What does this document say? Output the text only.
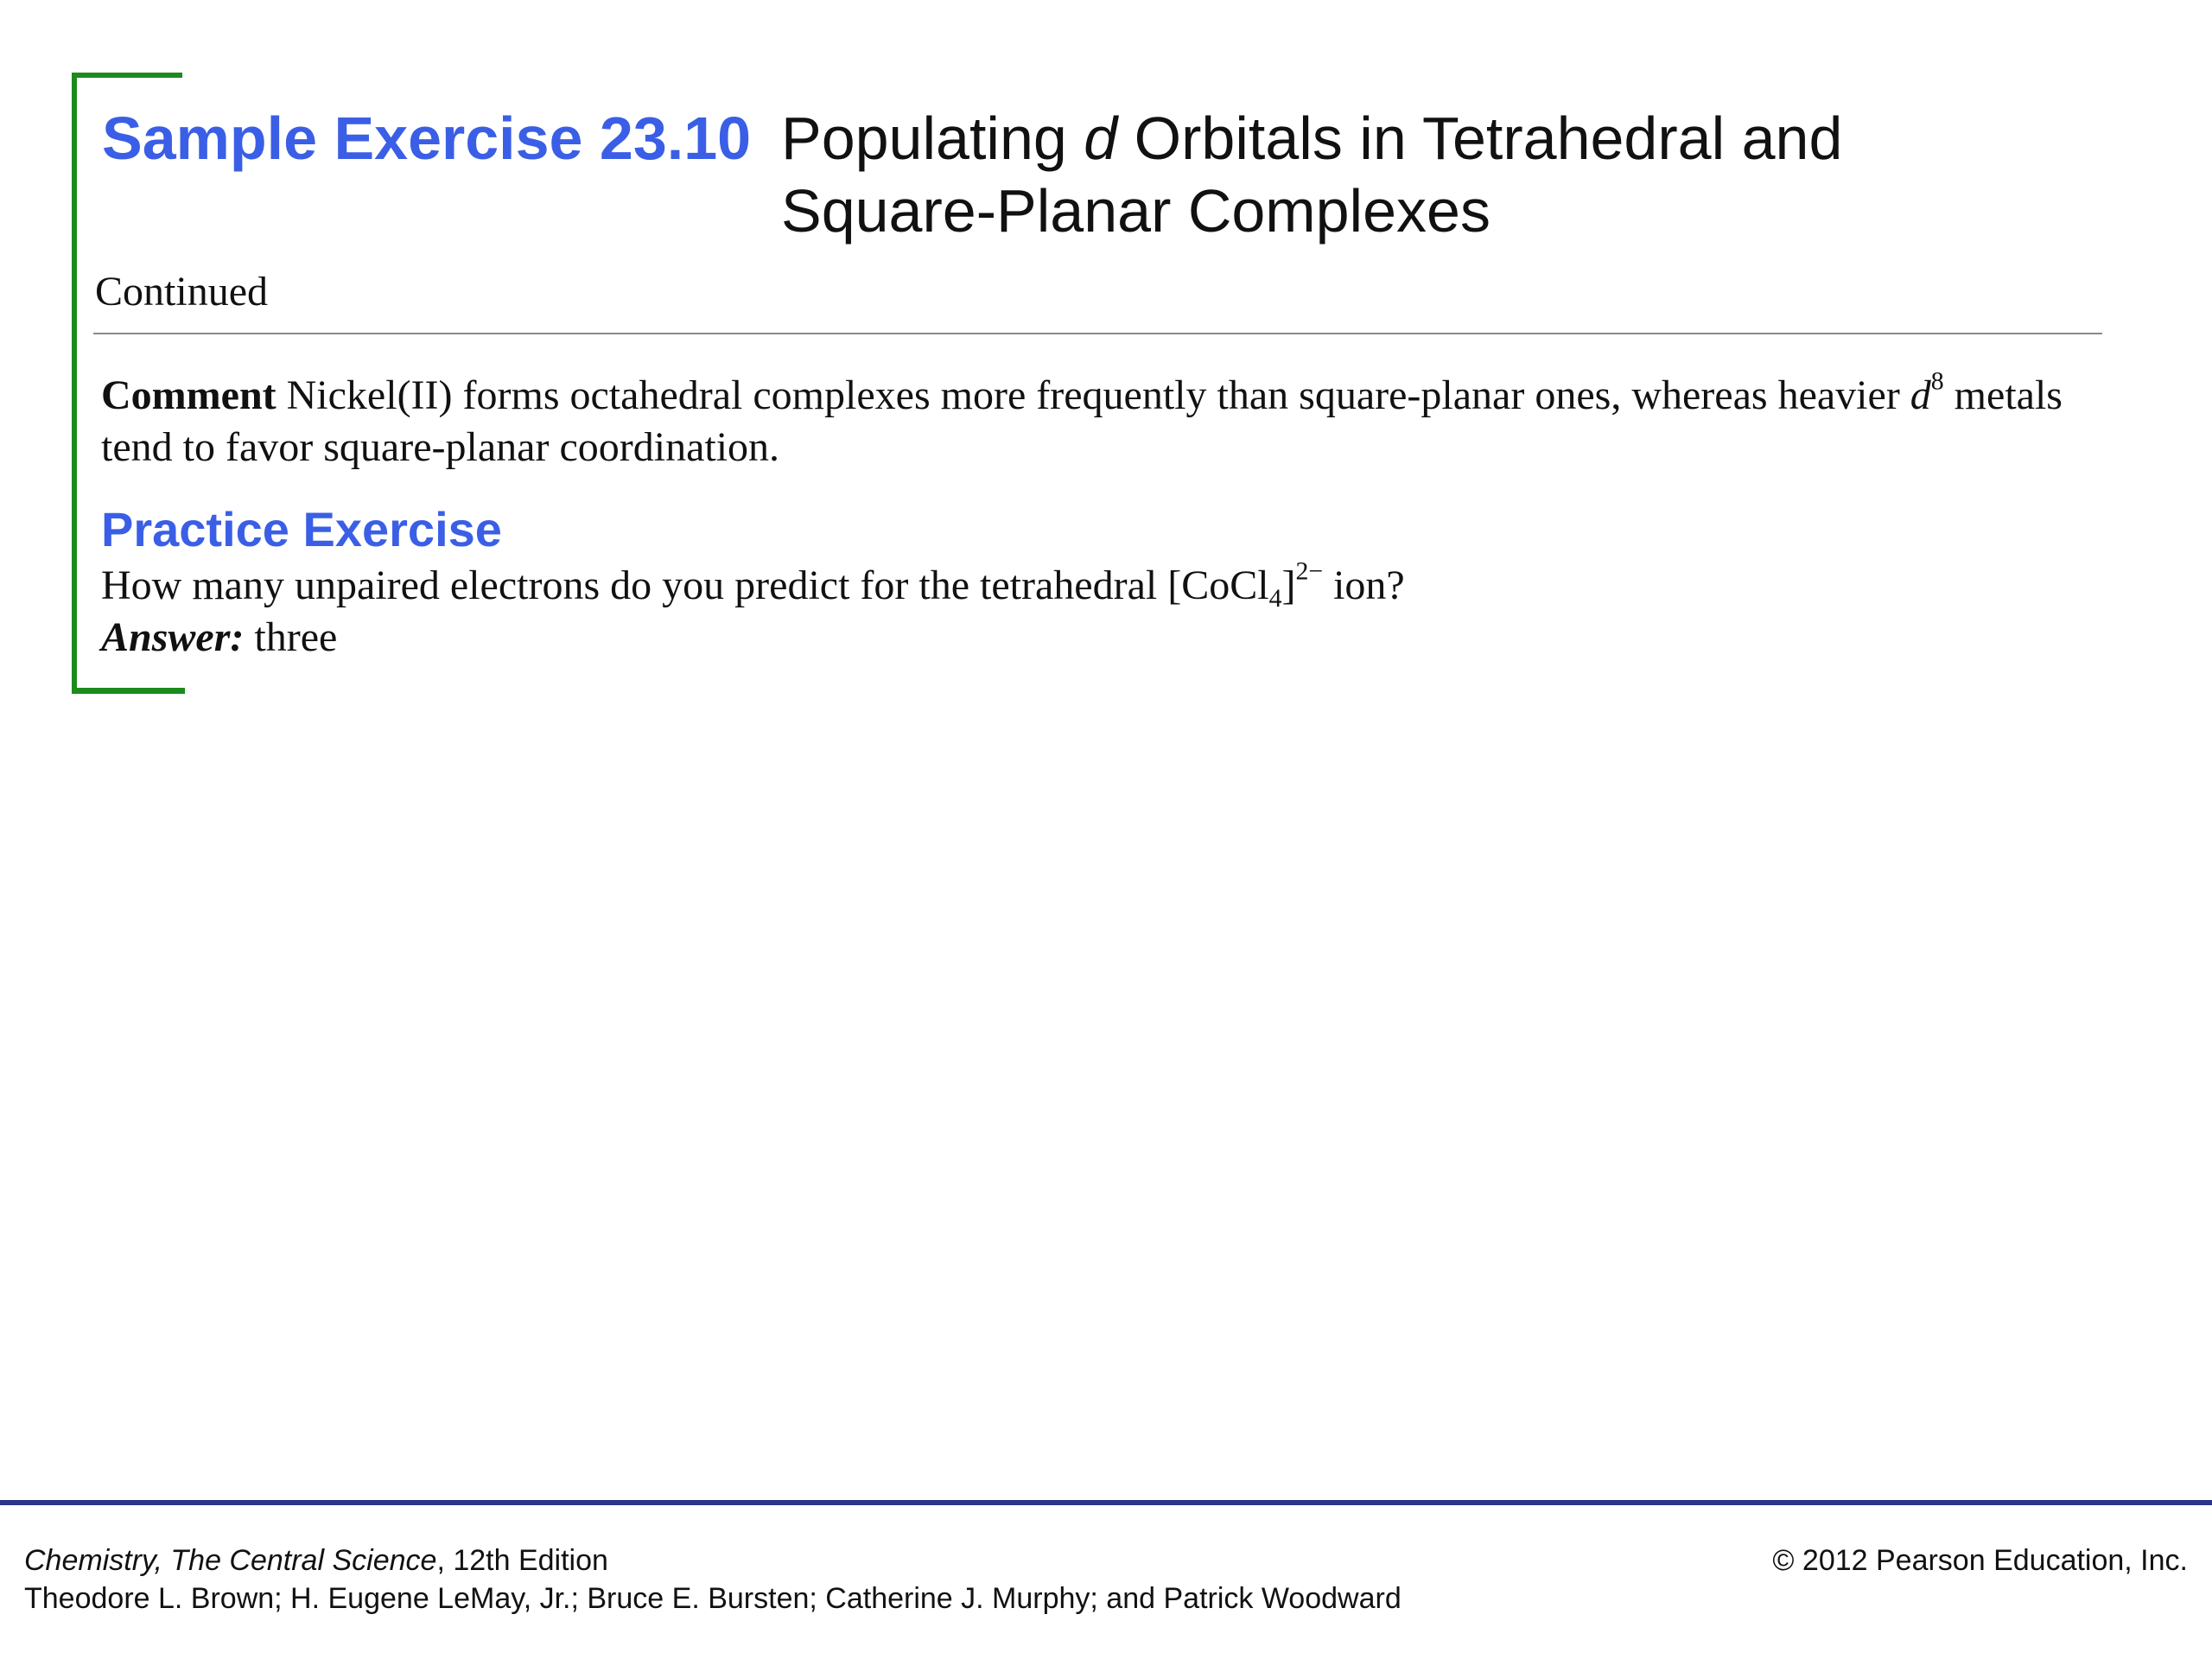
Sample Exercise 23.10 Populating d Orbitals in Tetrahedral and
Square-Planar Complexes
Continued
Comment Nickel(II) forms octahedral complexes more frequently than square-planar ones, whereas heavier $d^8$ metals tend to favor square-planar coordination.
Practice Exercise
How many unpaired electrons do you predict for the tetrahedral [CoCl$_4$]$^{2-}$ ion?
Answer: three
Chemistry, The Central Science, 12th Edition
Theodore L. Brown; H. Eugene LeMay, Jr.; Bruce E. Bursten; Catherine J. Murphy; and Patrick Woodward
© 2012 Pearson Education, Inc.
